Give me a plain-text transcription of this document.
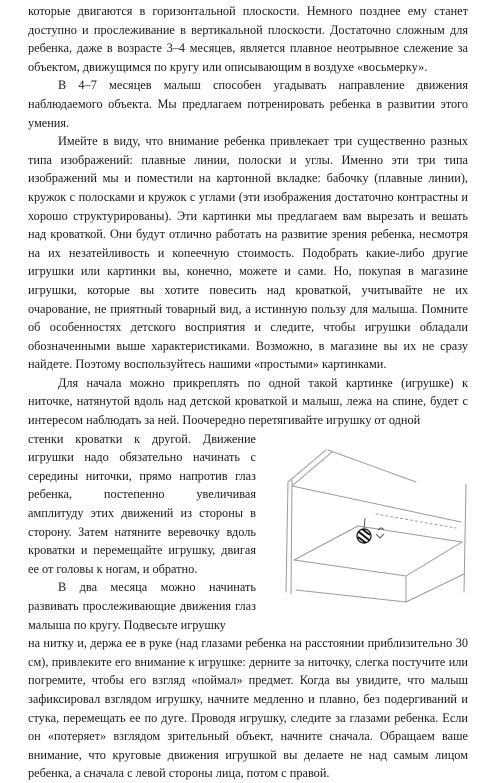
которые двигаются в горизонтальной плоскости. Немного позднее ему станет доступно и прослеживание в вертикальной плоскости. Достаточно сложным для ребенка, даже в возрасте 3–4 месяцев, является плавное неотрывное слежение за объектом, движущимся по кругу или описывающим в воздухе «восьмерку».

В 4–7 месяцев малыш способен угадывать направление движения наблюдаемого объекта. Мы предлагаем потренировать ребенка в развитии этого умения.

Имейте в виду, что внимание ребенка привлекает три существенно разных типа изображений: плавные линии, полоски и углы. Именно эти три типа изображений мы и поместили на картонной вкладке: бабочку (плавные линии), кружок с полосками и кружок с углами (эти изображения достаточно контрастны и хорошо структурированы). Эти картинки мы предлагаем вам вырезать и вешать над кроваткой. Они будут отлично работать на развитие зрения ребенка, несмотря на их незатейливость и копеечную стоимость. Подобрать какие-либо другие игрушки или картинки вы, конечно, можете и сами. Но, покупая в магазине игрушки, которые вы хотите повесить над кроваткой, учитывайте не их очарование, не приятный товарный вид, а истинную пользу для малыша. Помните об особенностях детского восприятия и следите, чтобы игрушки обладали обозначенными выше характеристиками. Возможно, в магазине вы их не сразу найдете. Поэтому воспользуйтесь нашими «простыми» картинками.

Для начала можно прикреплять по одной такой картинке (игрушке) к ниточке, натянутой вдоль над детской кроваткой и малыш, лежа на спине, будет с интересом наблюдать за ней. Поочередно перетягивайте игрушку от одной

стенки кроватки к другой. Движение игрушки надо обязательно начинать с середины ниточки, прямо напротив глаз ребенка, постепенно увеличивая амплитуду этих движений из стороны в сторону. Затем натяните веревочку вдоль кроватки и перемещайте игрушку, двигая ее от головы к ногам, и обратно.

В два месяца можно начинать развивать прослеживающие движения глаз малыша по кругу. Подвесьте игрушку

на нитку и, держа ее в руке (над глазами ребенка на расстоянии приблизительно 30 см), привлеките его внимание к игрушке: дерните за ниточку, слегка постучите или погремите, чтобы его взгляд «поймал» предмет. Когда вы увидите, что малыш зафиксировал взглядом игрушку, начните медленно и плавно, без подергиваний и стука, перемещать ее по дуге. Проводя игрушку, следите за глазами ребенка. Если он «потеряет» взглядом зрительный объект, начните сначала. Обращаем ваше внимание, что круговые движения игрушкой вы делаете не над самым лицом ребенка, а сначала с левой стороны лица, потом с правой.
